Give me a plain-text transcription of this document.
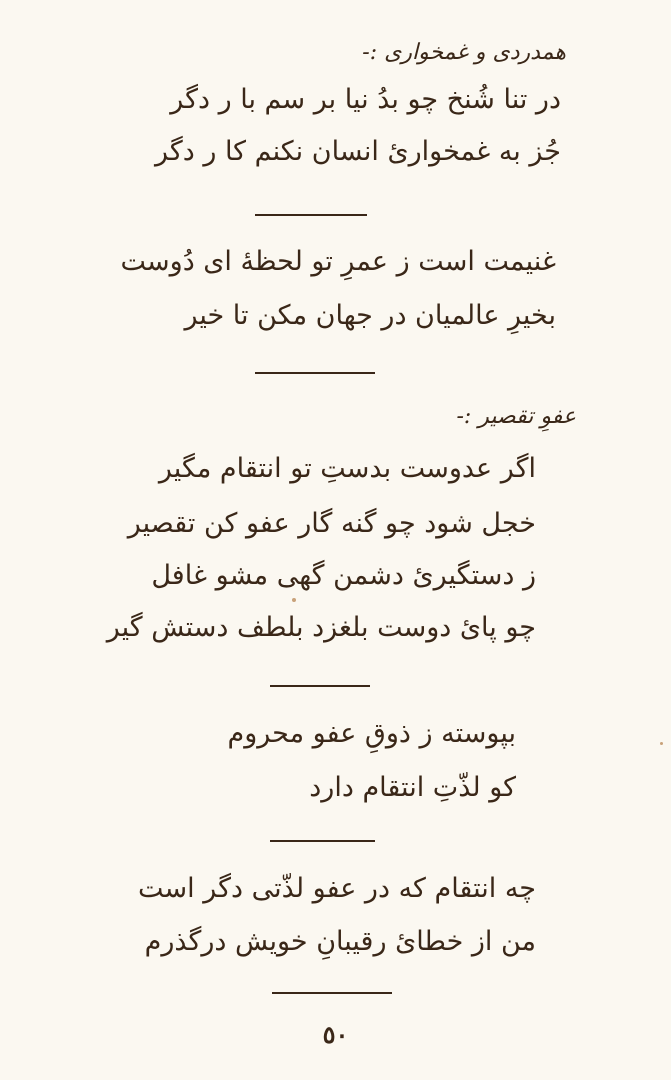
همدردی و غمخواری :-
در تنا شُنخ چو بدُ نیا بر سم با ر دگر
جُز به غمخواریٔ انسان نکنم کا ر دگر
غنیمت است ز عمرِ تو لحظهٔ ای دُوست
بخیرِ عالمیان در جهان مکن تا خیر
عفوِ تقصیر :-
اگر عدوست بدستِ تو انتقام مگیر
خجل شود چو گنه گار عفو کن تقصیر
ز دستگیریٔ دشمن گهی مشو غافل
چو پایٔ دوست بلغزد بلطف دستش گیر
بپوسته ز ذوقِ عفو محروم
کو لذّتِ انتقام دارد
چه انتقام که در عفو لذّتی دگر است
من از خطایٔ رقیبانِ خویش درگذرم
٥٠
